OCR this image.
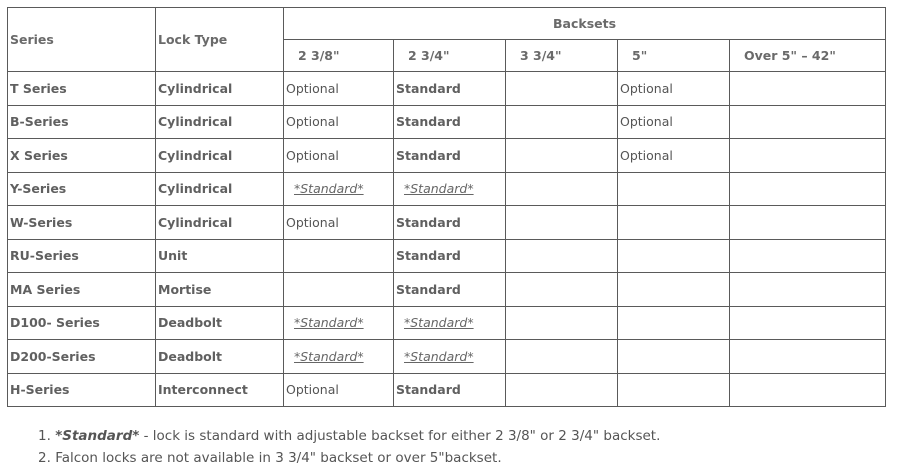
Series	Lock Type	Backsets				
		2 3/8"	2 3/4"	3 3/4"	5"	Over 5" – 42"
T Series	Cylindrical	Optional	Standard		Optional	
B-Series	Cylindrical	Optional	Standard		Optional	
X Series	Cylindrical	Optional	Standard		Optional	
Y-Series	Cylindrical	*Standard*	*Standard*			
W-Series	Cylindrical	Optional	Standard			
RU-Series	Unit		Standard			
MA Series	Mortise		Standard			
D100- Series	Deadbolt	*Standard*	*Standard*			
D200-Series	Deadbolt	*Standard*	*Standard*			
H-Series	Interconnect	Optional	Standard			
1. *Standard* - lock is standard with adjustable backset for either 2 3/8" or 2 3/4" backset.
2. Falcon locks are not available in 3 3/4" backset or over 5"backset.
